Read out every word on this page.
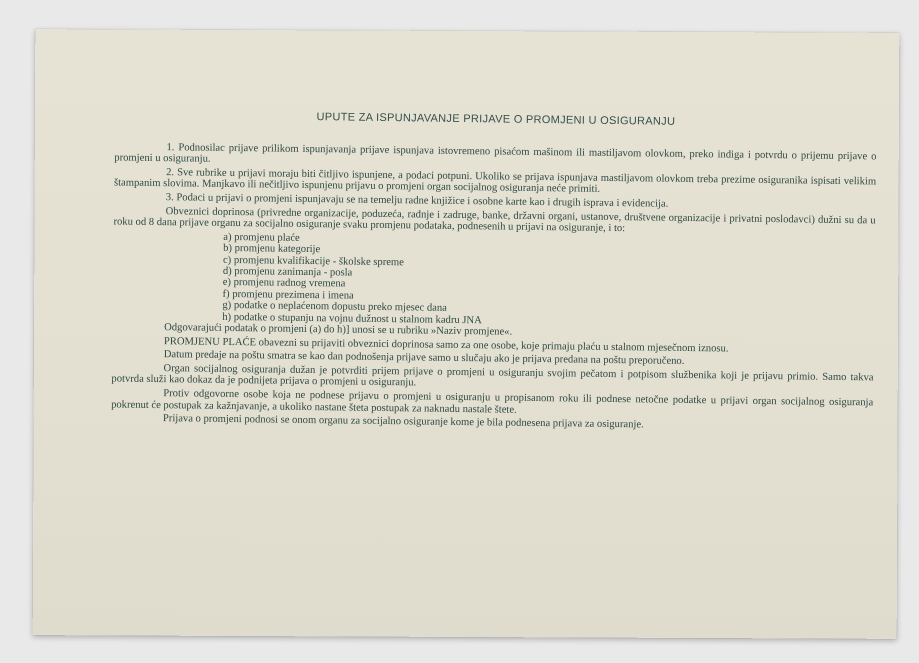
UPUTE ZA ISPUNJAVANJE PRIJAVE O PROMJENI U OSIGURANJU

1. Podnosilac prijave prilikom ispunjavanja prijave ispunjava istovremeno pisaćom mašinom ili mastiljavom olovkom, preko indiga i potvrdu o prijemu prijave o promjeni u osiguranju.

2. Sve rubrike u prijavi moraju biti čitljivo ispunjene, a podaci potpuni. Ukoliko se prijava ispunjava mastiljavom olovkom treba prezime osiguranika ispisati velikim štampanim slovima. Manjkavo ili nečitljivo ispunjenu prijavu o promjeni organ socijalnog osiguranja neće primiti.

3. Podaci u prijavi o promjeni ispunjavaju se na temelju radne knjižice i osobne karte kao i drugih isprava i evidencija.

Obveznici doprinosa (privredne organizacije, poduzeća, radnje i zadruge, banke, državni organi, ustanove, društvene organizacije i privatni poslodavci) dužni su da u roku od 8 dana prijave organu za socijalno osiguranje svaku promjenu podataka, podnesenih u prijavi na osiguranje, i to:

a) promjenu plaće
b) promjenu kategorije
c) promjenu kvalifikacije - školske spreme
d) promjenu zanimanja - posla
e) promjenu radnog vremena
f) promjenu prezimena i imena
g) podatke o neplaćenom dopustu preko mjesec dana
h) podatke o stupanju na vojnu dužnost u stalnom kadru JNA

Odgovarajući podatak o promjeni (a) do h)] unosi se u rubriku »Naziv promjene«.

PROMJENU PLAĆE obavezni su prijaviti obveznici doprinosa samo za one osobe, koje primaju plaću u stalnom mjesečnom iznosu.

Datum predaje na poštu smatra se kao dan podnošenja prijave samo u slučaju ako je prijava predana na poštu preporučeno.

Organ socijalnog osiguranja dužan je potvrditi prijem prijave o promjeni u osiguranju svojim pečatom i potpisom službenika koji je prijavu primio. Samo takva potvrda služi kao dokaz da je podnijeta prijava o promjeni u osiguranju.

Protiv odgovorne osobe koja ne podnese prijavu o promjeni u osiguranju u propisanom roku ili podnese netočne podatke u prijavi organ socijalnog osiguranja pokrenut će postupak za kažnjavanje, a ukoliko nastane šteta postupak za naknadu nastale štete.

Prijava o promjeni podnosi se onom organu za socijalno osiguranje kome je bila podnesena prijava za osiguranje.
